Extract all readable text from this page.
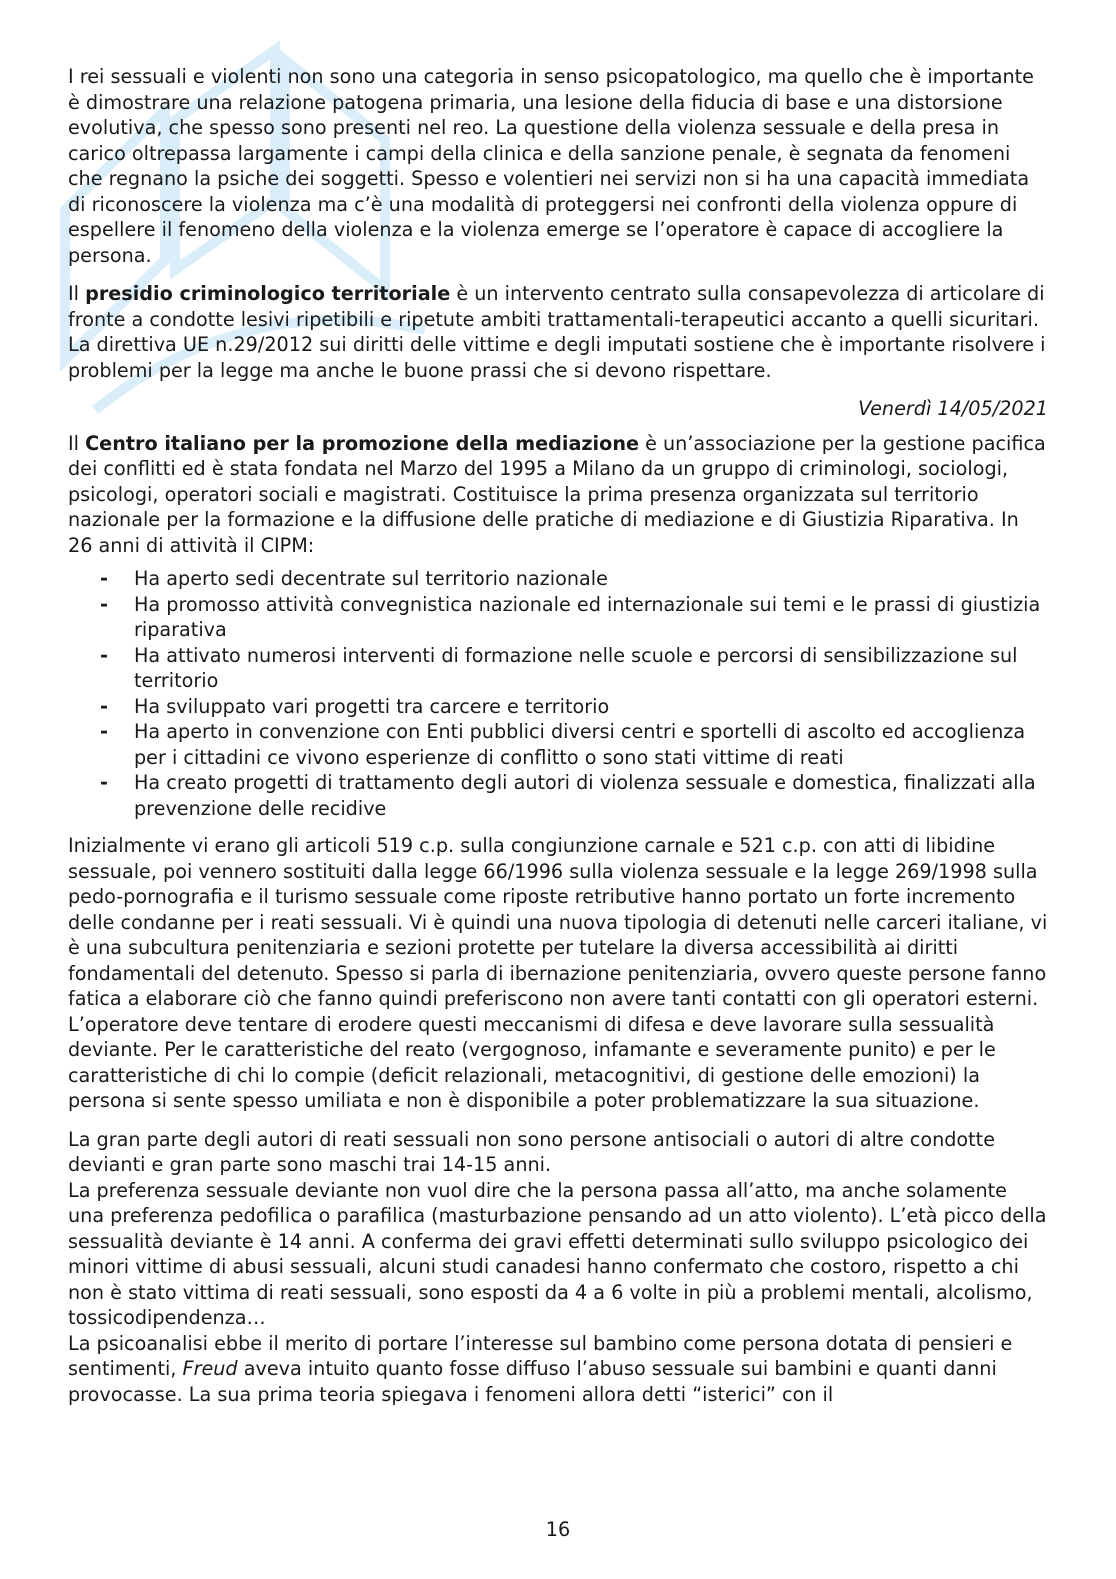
I rei sessuali e violenti non sono una categoria in senso psicopatologico, ma quello che è importante è dimostrare una relazione patogena primaria, una lesione della fiducia di base e una distorsione evolutiva, che spesso sono presenti nel reo. La questione della violenza sessuale e della presa in carico oltrepassa largamente i campi della clinica e della sanzione penale, è segnata da fenomeni che regnano la psiche dei soggetti. Spesso e volentieri nei servizi non si ha una capacità immediata di riconoscere la violenza ma c’è una modalità di proteggersi nei confronti della violenza oppure di espellere il fenomeno della violenza e la violenza emerge se l’operatore è capace di accogliere la persona.

Il presidio criminologico territoriale è un intervento centrato sulla consapevolezza di articolare di fronte a condotte lesivi ripetibili e ripetute ambiti trattamentali-terapeutici accanto a quelli sicuritari.

La direttiva UE n.29/2012 sui diritti delle vittime e degli imputati sostiene che è importante risolvere i problemi per la legge ma anche le buone prassi che si devono rispettare.

Venerdì 14/05/2021

Il Centro italiano per la promozione della mediazione è un’associazione per la gestione pacifica dei conflitti ed è stata fondata nel Marzo del 1995 a Milano da un gruppo di criminologi, sociologi, psicologi, operatori sociali e magistrati. Costituisce la prima presenza organizzata sul territorio nazionale per la formazione e la diffusione delle pratiche di mediazione e di Giustizia Riparativa. In 26 anni di attività il CIPM:

- Ha aperto sedi decentrate sul territorio nazionale
- Ha promosso attività convegnistica nazionale ed internazionale sui temi e le prassi di giustizia riparativa
- Ha attivato numerosi interventi di formazione nelle scuole e percorsi di sensibilizzazione sul territorio
- Ha sviluppato vari progetti tra carcere e territorio
- Ha aperto in convenzione con Enti pubblici diversi centri e sportelli di ascolto ed accoglienza per i cittadini ce vivono esperienze di conflitto o sono stati vittime di reati
- Ha creato progetti di trattamento degli autori di violenza sessuale e domestica, finalizzati alla prevenzione delle recidive

Inizialmente vi erano gli articoli 519 c.p. sulla congiunzione carnale e 521 c.p. con atti di libidine sessuale, poi vennero sostituiti dalla legge 66/1996 sulla violenza sessuale e la legge 269/1998 sulla pedo-pornografia e il turismo sessuale come riposte retributive hanno portato un forte incremento delle condanne per i reati sessuali. Vi è quindi una nuova tipologia di detenuti nelle carceri italiane, vi è una subcultura penitenziaria e sezioni protette per tutelare la diversa accessibilità ai diritti fondamentali del detenuto. Spesso si parla di ibernazione penitenziaria, ovvero queste persone fanno fatica a elaborare ciò che fanno quindi preferiscono non avere tanti contatti con gli operatori esterni. L’operatore deve tentare di erodere questi meccanismi di difesa e deve lavorare sulla sessualità deviante. Per le caratteristiche del reato (vergognoso, infamante e severamente punito) e per le caratteristiche di chi lo compie (deficit relazionali, metacognitivi, di gestione delle emozioni) la persona si sente spesso umiliata e non è disponibile a poter problematizzare la sua situazione.

La gran parte degli autori di reati sessuali non sono persone antisociali o autori di altre condotte devianti e gran parte sono maschi trai 14-15 anni.

La preferenza sessuale deviante non vuol dire che la persona passa all’atto, ma anche solamente una preferenza pedofilica o parafilica (masturbazione pensando ad un atto violento). L’età picco della sessualità deviante è 14 anni. A conferma dei gravi effetti determinati sullo sviluppo psicologico dei minori vittime di abusi sessuali, alcuni studi canadesi hanno confermato che costoro, rispetto a chi non è stato vittima di reati sessuali, sono esposti da 4 a 6 volte in più a problemi mentali, alcolismo, tossicodipendenza…

La psicoanalisi ebbe il merito di portare l’interesse sul bambino come persona dotata di pensieri e sentimenti, Freud aveva intuito quanto fosse diffuso l’abuso sessuale sui bambini e quanti danni provocasse. La sua prima teoria spiegava i fenomeni allora detti “isterici” con il

16
